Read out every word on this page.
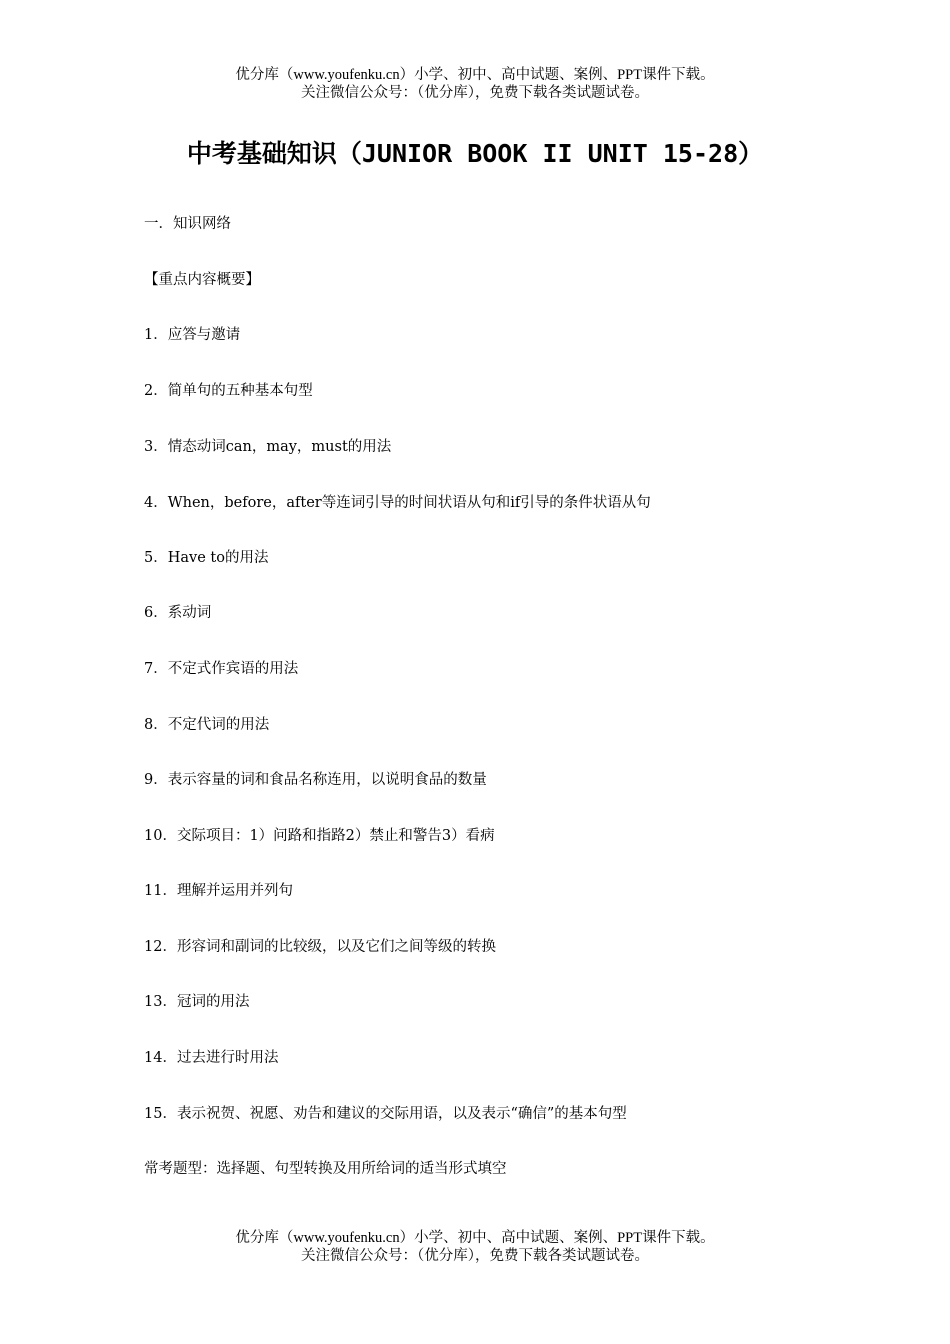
优分库（www.youfenku.cn）小学、初中、高中试题、案例、PPT课件下载。
关注微信公众号：（优分库），免费下载各类试题试卷。
中考基础知识（JUNIOR BOOK II UNIT 15-28）
一．知识网络
【重点内容概要】
1．应答与邀请
2．简单句的五种基本句型
3．情态动词can，may，must的用法
4．When，before，after等连词引导的时间状语从句和if引导的条件状语从句
5．Have to的用法
6．系动词
7．不定式作宾语的用法
8．不定代词的用法
9．表示容量的词和食品名称连用，以说明食品的数量
10．交际项目：1）问路和指路2）禁止和警告3）看病
11．理解并运用并列句
12．形容词和副词的比较级，以及它们之间等级的转换
13．冠词的用法
14．过去进行时用法
15．表示祝贺、祝愿、劝告和建议的交际用语，以及表示“确信”的基本句型
常考题型：选择题、句型转换及用所给词的适当形式填空
优分库（www.youfenku.cn）小学、初中、高中试题、案例、PPT课件下载。
关注微信公众号：（优分库），免费下载各类试题试卷。
